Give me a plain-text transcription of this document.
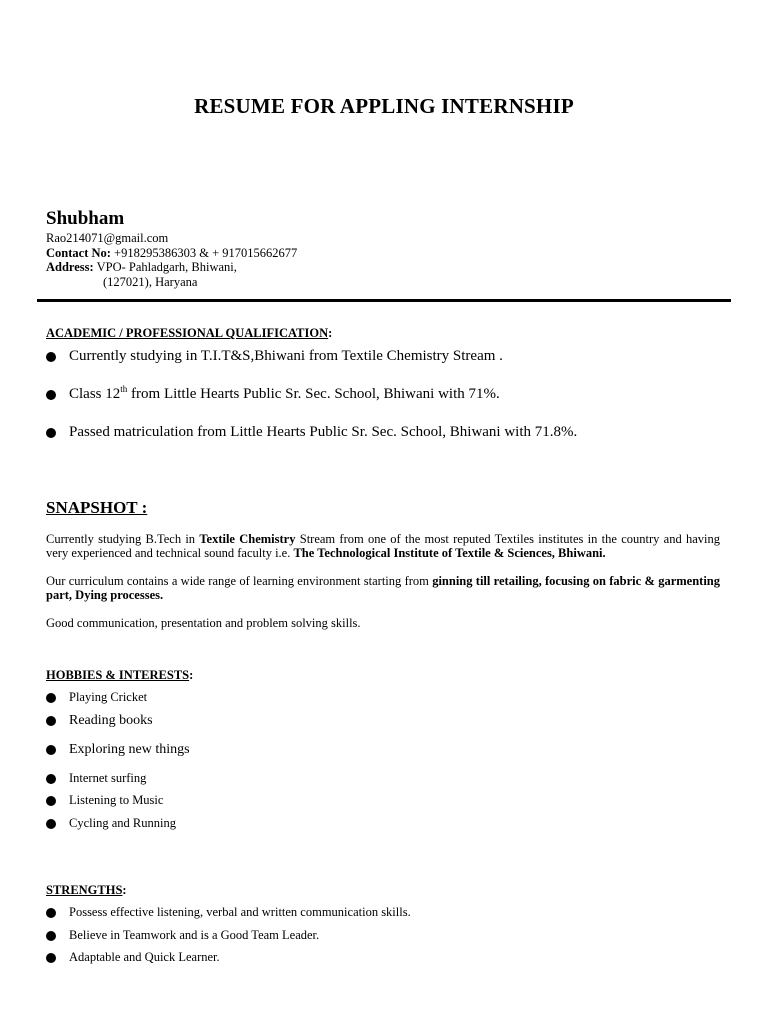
RESUME FOR APPLING INTERNSHIP
Shubham
Rao214071@gmail.com
Contact No: +918295386303 & + 917015662677
Address: VPO- Pahladgarh, Bhiwani,
(127021), Haryana
ACADEMIC / PROFESSIONAL QUALIFICATION:
Currently studying in T.I.T&S,Bhiwani from Textile Chemistry Stream .
Class 12th from Little Hearts Public Sr. Sec. School, Bhiwani with 71%.
Passed matriculation from Little Hearts Public Sr. Sec. School, Bhiwani with 71.8%.
SNAPSHOT :
Currently studying B.Tech in Textile Chemistry Stream from one of the most reputed Textiles institutes in the country and having very experienced and technical sound faculty i.e. The Technological Institute of Textile & Sciences, Bhiwani.
Our curriculum contains a wide range of learning environment starting from ginning till retailing, focusing on fabric & garmenting part, Dying processes.
Good communication, presentation and problem solving skills.
HOBBIES & INTERESTS:
Playing Cricket
Reading books
Exploring new things
Internet surfing
Listening to Music
Cycling and Running
STRENGTHS:
Possess effective listening, verbal and written communication skills.
Believe in Teamwork and is a Good Team Leader.
Adaptable and Quick Learner.
